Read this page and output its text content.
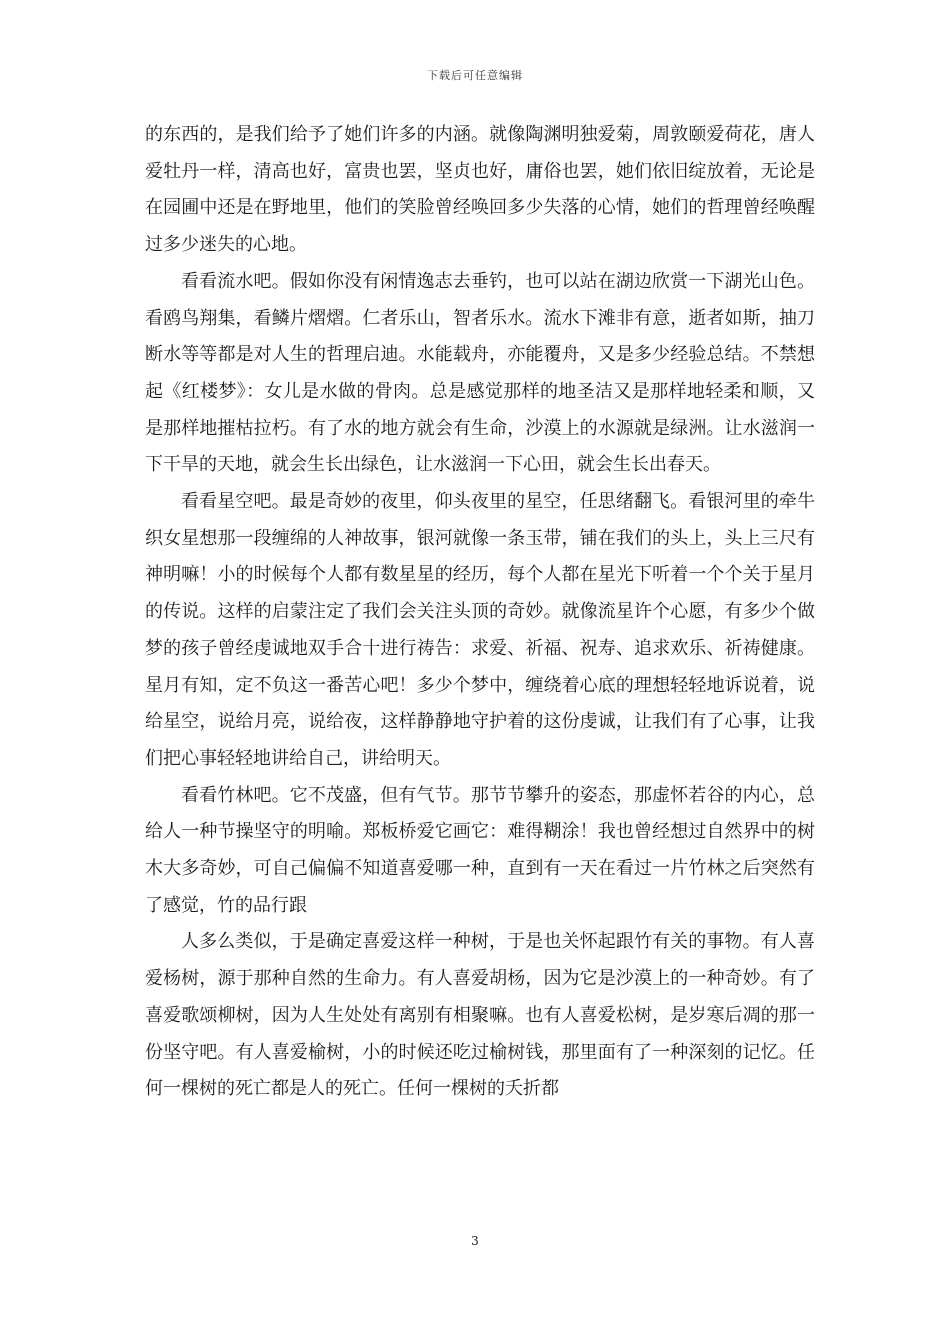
下载后可任意编辑

的东西的，是我们给予了她们许多的内涵。就像陶渊明独爱菊，周敦颐爱荷花，唐人爱牡丹一样，清高也好，富贵也罢，坚贞也好，庸俗也罢，她们依旧绽放着，无论是在园圃中还是在野地里，他们的笑脸曾经唤回多少失落的心情，她们的哲理曾经唤醒过多少迷失的心地。

看看流水吧。假如你没有闲情逸志去垂钓，也可以站在湖边欣赏一下湖光山色。看鸥鸟翔集，看鳞片熠熠。仁者乐山，智者乐水。流水下滩非有意，逝者如斯，抽刀断水等等都是对人生的哲理启迪。水能载舟，亦能覆舟，又是多少经验总结。不禁想起《红楼梦》：女儿是水做的骨肉。总是感觉那样的地圣洁又是那样地轻柔和顺，又是那样地摧枯拉朽。有了水的地方就会有生命，沙漠上的水源就是绿洲。让水滋润一下干旱的天地，就会生长出绿色，让水滋润一下心田，就会生长出春天。

看看星空吧。最是奇妙的夜里，仰头夜里的星空，任思绪翻飞。看银河里的牵牛织女星想那一段缠绵的人神故事，银河就像一条玉带，铺在我们的头上，头上三尺有神明嘛！小的时候每个人都有数星星的经历，每个人都在星光下听着一个个关于星月的传说。这样的启蒙注定了我们会关注头顶的奇妙。就像流星许个心愿，有多少个做梦的孩子曾经虔诚地双手合十进行祷告：求爱、祈福、祝寿、追求欢乐、祈祷健康。星月有知，定不负这一番苦心吧！多少个梦中，缠绕着心底的理想轻轻地诉说着，说给星空，说给月亮，说给夜，这样静静地守护着的这份虔诚，让我们有了心事，让我们把心事轻轻地讲给自己，讲给明天。

看看竹林吧。它不茂盛，但有气节。那节节攀升的姿态，那虚怀若谷的内心，总给人一种节操坚守的明喻。郑板桥爱它画它：难得糊涂！我也曾经想过自然界中的树木大多奇妙，可自己偏偏不知道喜爱哪一种，直到有一天在看过一片竹林之后突然有了感觉，竹的品行跟

人多么类似，于是确定喜爱这样一种树，于是也关怀起跟竹有关的事物。有人喜爱杨树，源于那种自然的生命力。有人喜爱胡杨，因为它是沙漠上的一种奇妙。有了喜爱歌颂柳树，因为人生处处有离别有相聚嘛。也有人喜爱松树，是岁寒后凋的那一份坚守吧。有人喜爱榆树，小的时候还吃过榆树钱，那里面有了一种深刻的记忆。任何一棵树的死亡都是人的死亡。任何一棵树的夭折都

3
